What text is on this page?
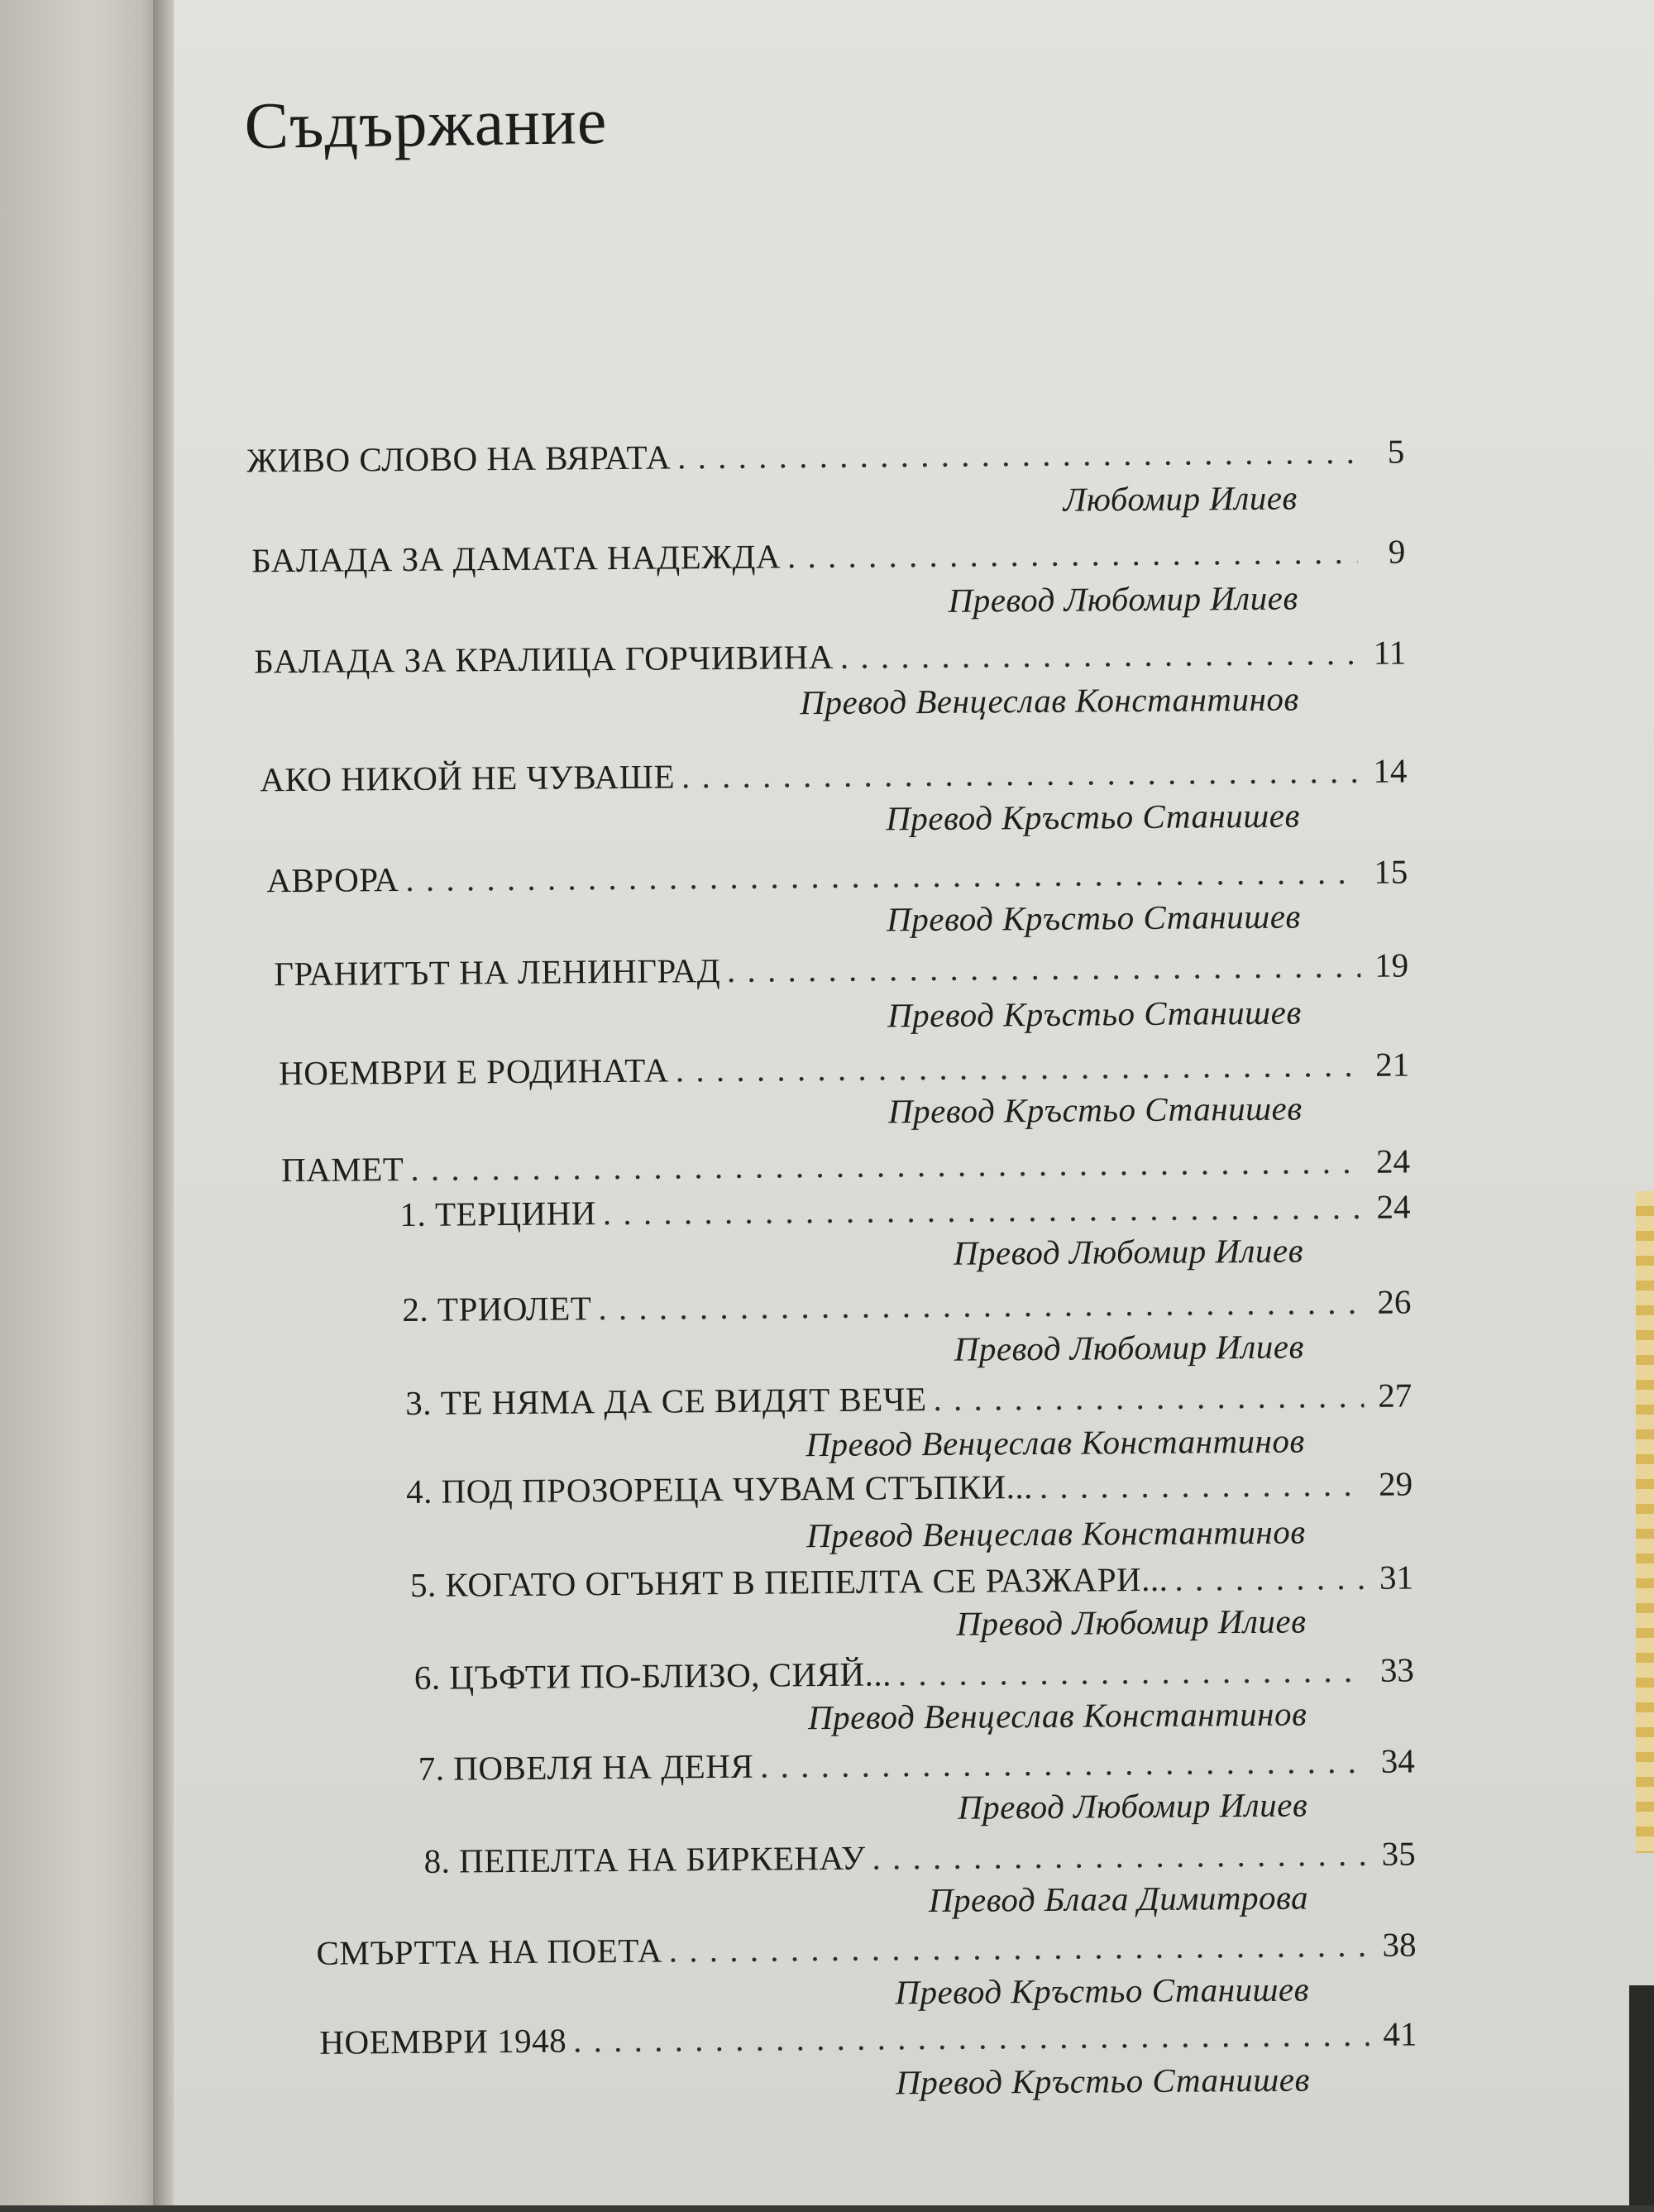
Съдържание
ЖИВО СЛОВО НА ВЯРАТА . . .	5
Любомир Илиев
БАЛАДА ЗА ДАМАТА НАДЕЖДА . . .	9
Превод Любомир Илиев
БАЛАДА ЗА КРАЛИЦА ГОРЧИВИНА . . .	11
Превод Венцеслав Константинов
АКО НИКОЙ НЕ ЧУВАШЕ . . .	14
Превод Кръстьо Станишев
АВРОРА . . .	15
Превод Кръстьо Станишев
ГРАНИТЪТ НА ЛЕНИНГРАД . . .	19
Превод Кръстьо Станишев
НОЕМВРИ Е РОДИНАТА . . .	21
Превод Кръстьо Станишев
ПАМЕТ . . .	24
1. ТЕРЦИНИ . . .	24
Превод Любомир Илиев
2. ТРИОЛЕТ . . .	26
Превод Любомир Илиев
3. ТЕ НЯМА ДА СЕ ВИДЯТ ВЕЧЕ . . .	27
Превод Венцеслав Константинов
4. ПОД ПРОЗОРЕЦА ЧУВАМ СТЪПКИ... . . .	29
Превод Венцеслав Константинов
5. КОГАТО ОГЪНЯТ В ПЕПЕЛТА СЕ РАЗЖАРИ... . . .	31
Превод Любомир Илиев
6. ЦЪФТИ ПО-БЛИЗО, СИЯЙ... . . .	33
Превод Венцеслав Константинов
7. ПОВЕЛЯ НА ДЕНЯ . . .	34
Превод Любомир Илиев
8. ПЕПЕЛТА НА БИРКЕНАУ . . .	35
Превод Блага Димитрова
СМЪРТТА НА ПОЕТА . . .	38
Превод Кръстьо Станишев
НОЕМВРИ 1948 . . .	41
Превод Кръстьо Станишев
